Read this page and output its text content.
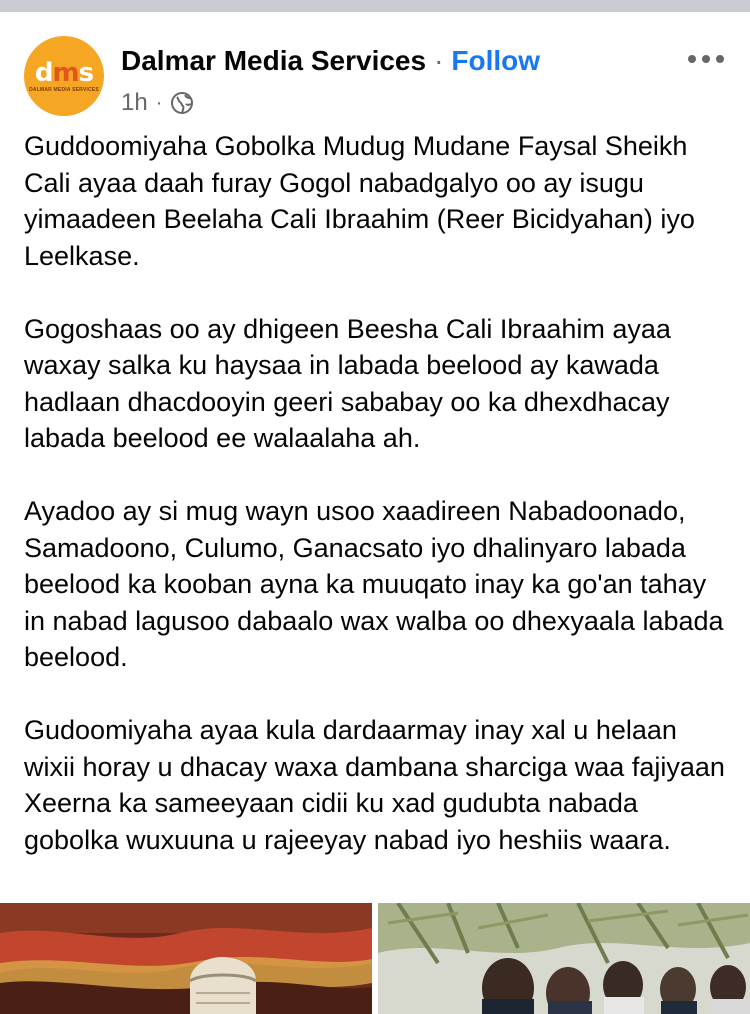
dms
DALMAR MEDIA SERVICES
Dalmar Media Services · Follow
1h ·

Guddoomiyaha Gobolka Mudug Mudane Faysal Sheikh Cali ayaa daah furay Gogol nabadgalyo oo ay isugu yimaadeen Beelaha Cali Ibraahim (Reer Bicidyahan) iyo Leelkase.

Gogoshaas oo ay dhigeen Beesha Cali Ibraahim ayaa waxay salka ku haysaa in labada beelood ay kawada hadlaan dhacdooyin geeri sababay oo ka dhexdhacay labada beelood ee walaalaha ah.

Ayadoo ay si mug wayn usoo xaadireen Nabadoonado, Samadoono, Culumo, Ganacsato iyo dhalinyaro labada beelood ka kooban ayna ka muuqato inay ka go'an tahay in nabad lagusoo dabaalo wax walba oo dhexyaala labada beelood.

Gudoomiyaha ayaa kula dardaarmay inay xal u helaan wixii horay u dhacay waxa dambana sharciga waa fajiyaan Xeerna ka sameeyaan cidii ku xad gudubta nabada gobolka wuxuuna u rajeeyay nabad iyo heshiis waara.
